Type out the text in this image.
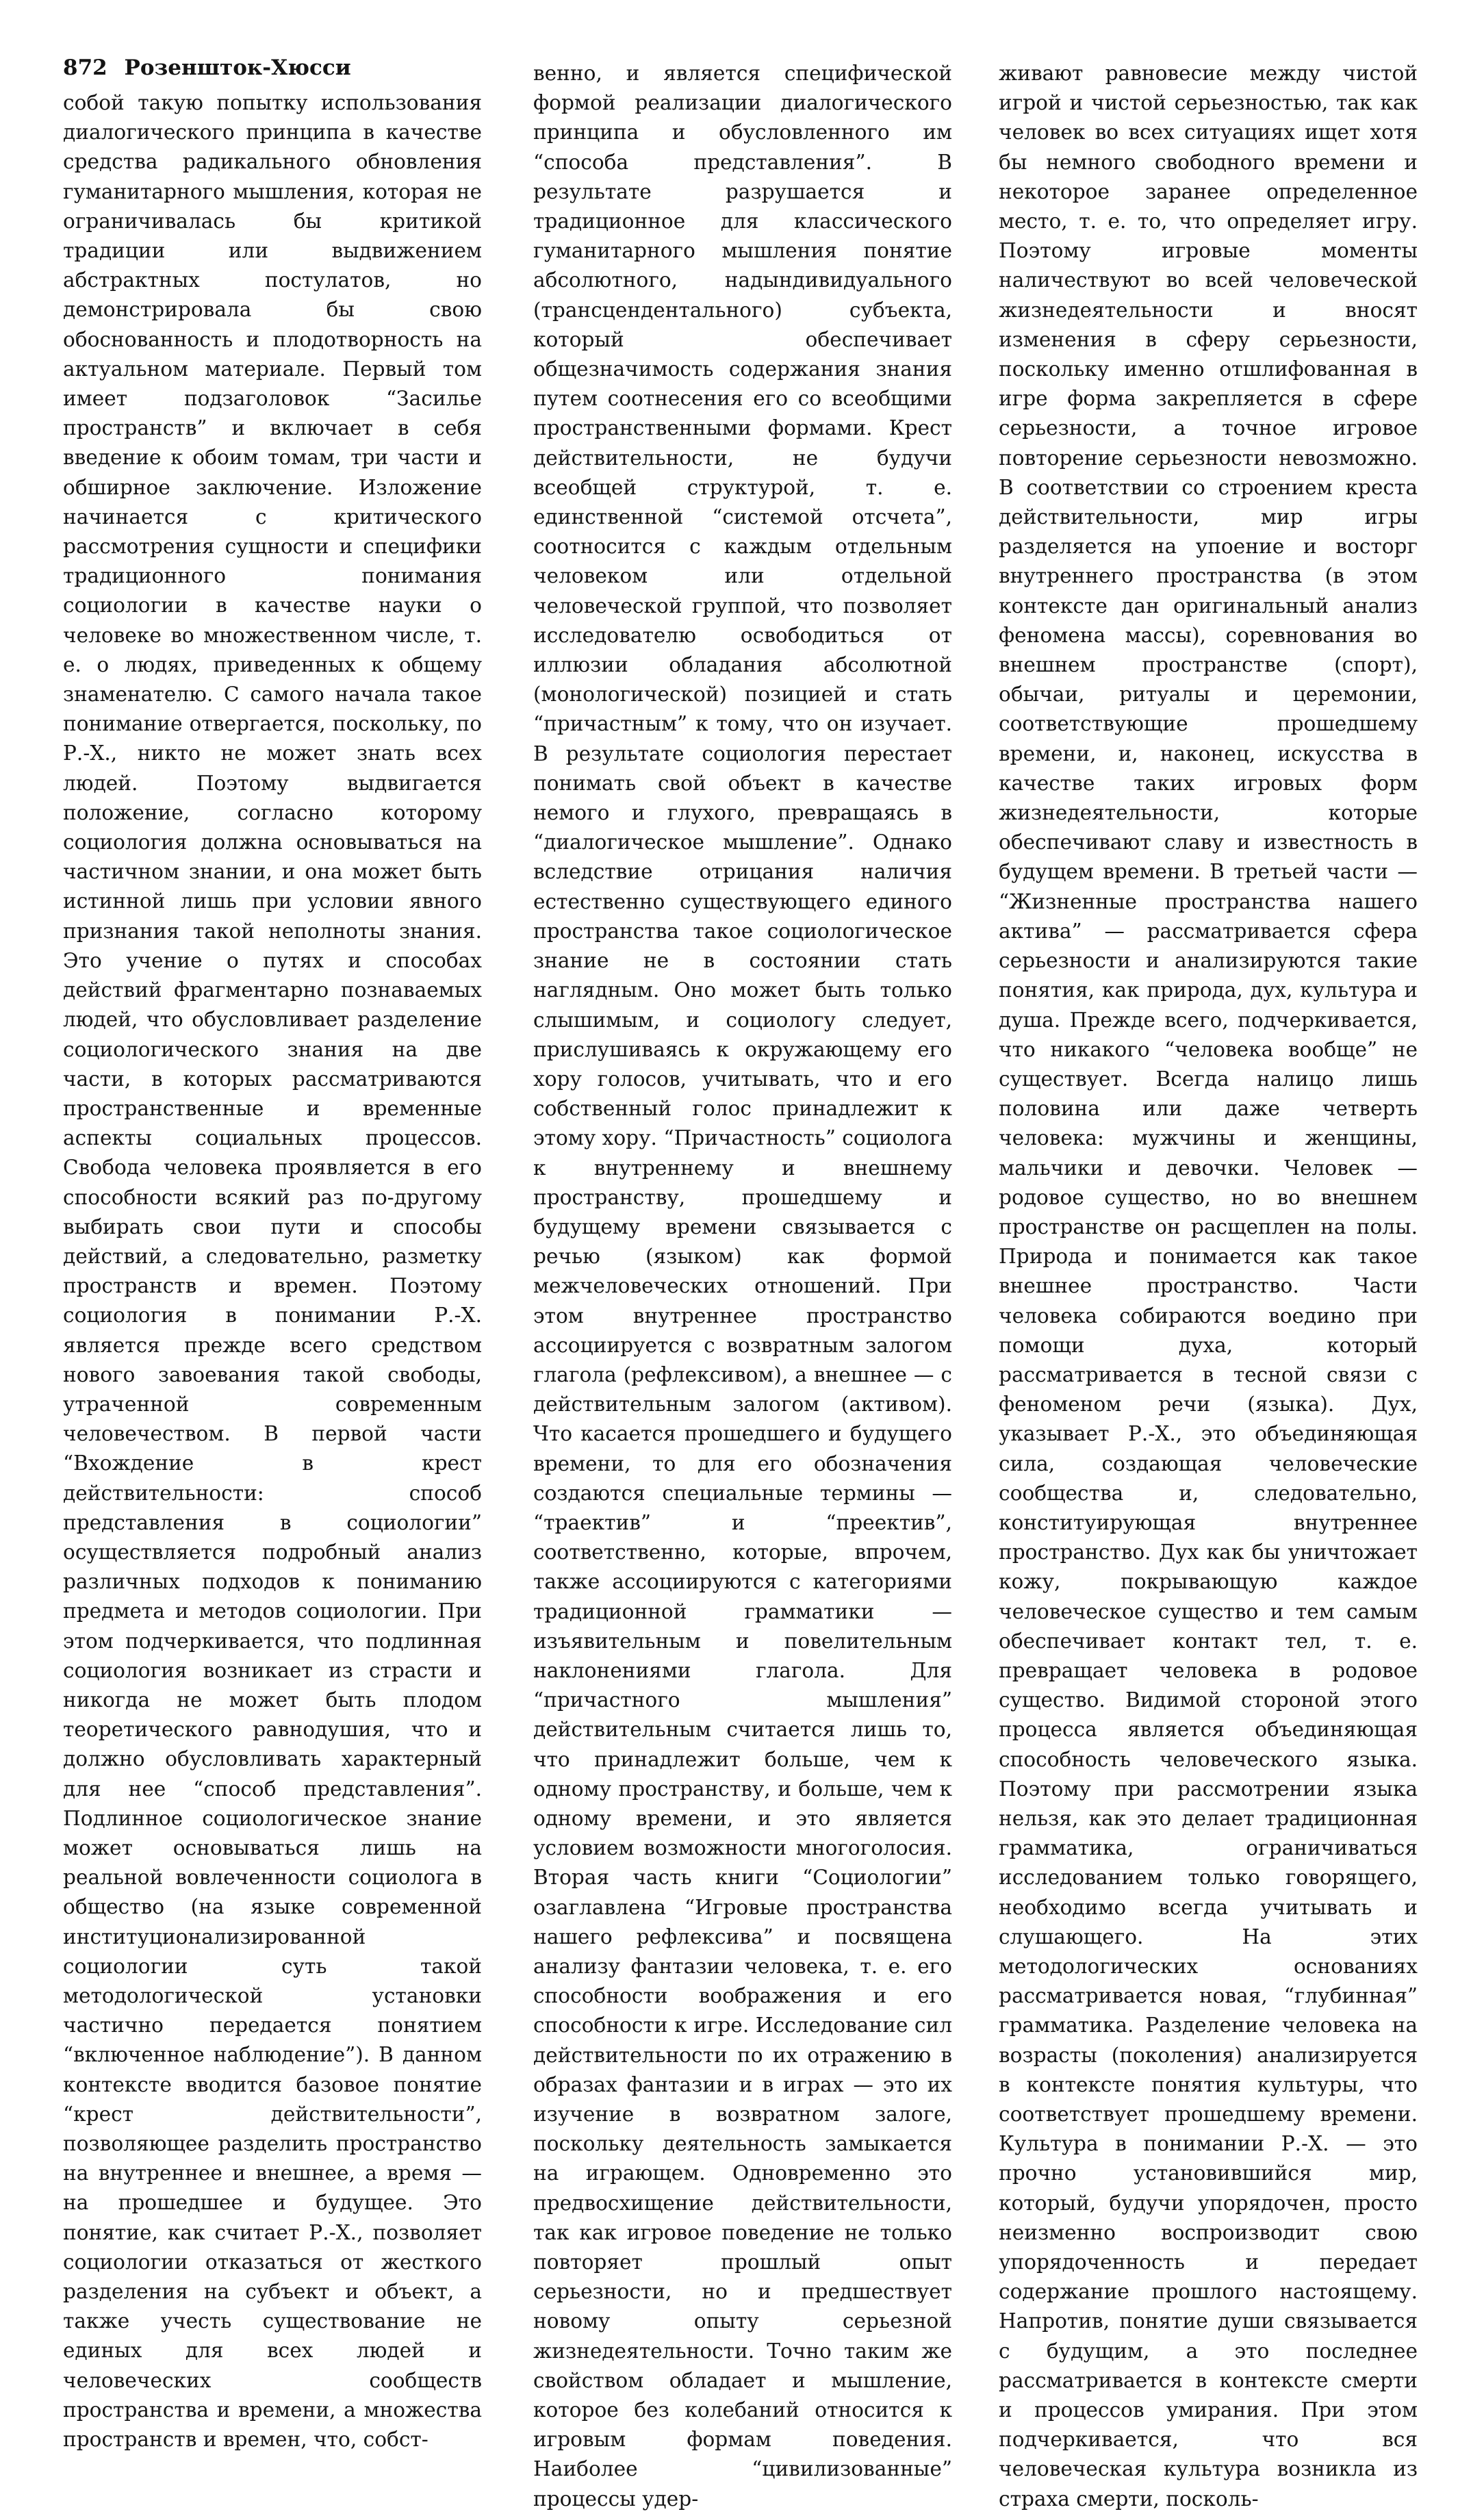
872 Розеншток-Хюсси

собой такую попытку использования диалогического принципа в качестве средства радикального обновления гуманитарного мышления, которая не ограничивалась бы критикой традиции или выдвижением абстрактных постулатов, но демонстрировала бы свою обоснованность и плодотворность на актуальном материале. Первый том имеет подзаголовок “Засилье пространств” и включает в себя введение к обоим томам, три части и обширное заключение. Изложение начинается с критического рассмотрения сущности и специфики традиционного понимания социологии в качестве науки о человеке во множественном числе, т. е. о людях, приведенных к общему знаменателю. С самого начала такое понимание отвергается, поскольку, по Р.-Х., никто не может знать всех людей. Поэтому выдвигается положение, согласно которому социология должна основываться на частичном знании, и она может быть истинной лишь при условии явного признания такой неполноты знания. Это учение о путях и способах действий фрагментарно познаваемых людей, что обусловливает разделение социологического знания на две части, в которых рассматриваются пространственные и временные аспекты социальных процессов. Свобода человека проявляется в его способности всякий раз по-другому выбирать свои пути и способы действий, а следовательно, разметку пространств и времен. Поэтому социология в понимании Р.-Х. является прежде всего средством нового завоевания такой свободы, утраченной современным человечеством. В первой части “Вхождение в крест действительности: способ представления в социологии” осуществляется подробный анализ различных подходов к пониманию предмета и методов социологии. При этом подчеркивается, что подлинная социология возникает из страсти и никогда не может быть плодом теоретического равнодушия, что и должно обусловливать характерный для нее “способ представления”. Подлинное социологическое знание может основываться лишь на реальной вовлеченности социолога в общество (на языке современной институционализированной социологии суть такой методологической установки частично передается понятием “включенное наблюдение”). В данном контексте вводится базовое понятие “крест действительности”, позволяющее разделить пространство на внутреннее и внешнее, а время — на прошедшее и будущее. Это понятие, как считает Р.-Х., позволяет социологии отказаться от жесткого разделения на субъект и объект, а также учесть существование не единых для всех людей и человеческих сообществ пространства и времени, а множества пространств и времен, что, собст-

венно, и является специфической формой реализации диалогического принципа и обусловленного им “способа представления”. В результате разрушается и традиционное для классического гуманитарного мышления понятие абсолютного, надындивидуального (трансцендентального) субъекта, который обеспечивает общезначимость содержания знания путем соотнесения его со всеобщими пространственными формами. Крест действительности, не будучи всеобщей структурой, т. е. единственной “системой отсчета”, соотносится с каждым отдельным человеком или отдельной человеческой группой, что позволяет исследователю освободиться от иллюзии обладания абсолютной (монологической) позицией и стать “причастным” к тому, что он изучает. В результате социология перестает понимать свой объект в качестве немого и глухого, превращаясь в “диалогическое мышление”. Однако вследствие отрицания наличия естественно существующего единого пространства такое социологическое знание не в состоянии стать наглядным. Оно может быть только слышимым, и социологу следует, прислушиваясь к окружающему его хору голосов, учитывать, что и его собственный голос принадлежит к этому хору. “Причастность” социолога к внутреннему и внешнему пространству, прошедшему и будущему времени связывается с речью (языком) как формой межчеловеческих отношений. При этом внутреннее пространство ассоциируется с возвратным залогом глагола (рефлексивом), а внешнее — с действительным залогом (активом). Что касается прошедшего и будущего времени, то для его обозначения создаются специальные термины — “траектив” и “преектив”, соответственно, которые, впрочем, также ассоциируются с категориями традиционной грамматики — изъявительным и повелительным наклонениями глагола. Для “причастного мышления” действительным считается лишь то, что принадлежит больше, чем к одному пространству, и больше, чем к одному времени, и это является условием возможности многоголосия. Вторая часть книги “Социологии” озаглавлена “Игровые пространства нашего рефлексива” и посвящена анализу фантазии человека, т. е. его способности воображения и его способности к игре. Исследование сил действительности по их отражению в образах фантазии и в играх — это их изучение в возвратном залоге, поскольку деятельность замыкается на играющем. Одновременно это предвосхищение действительности, так как игровое поведение не только повторяет прошлый опыт серьезности, но и предшествует новому опыту серьезной жизнедеятельности. Точно таким же свойством обладает и мышление, которое без колебаний относится к игровым формам поведения. Наиболее “цивилизованные” процессы удер-

живают равновесие между чистой игрой и чистой серьезностью, так как человек во всех ситуациях ищет хотя бы немного свободного времени и некоторое заранее определенное место, т. е. то, что определяет игру. Поэтому игровые моменты наличествуют во всей человеческой жизнедеятельности и вносят изменения в сферу серьезности, поскольку именно отшлифованная в игре форма закрепляется в сфере серьезности, а точное игровое повторение серьезности невозможно. В соответствии со строением креста действительности, мир игры разделяется на упоение и восторг внутреннего пространства (в этом контексте дан оригинальный анализ феномена массы), соревнования во внешнем пространстве (спорт), обычаи, ритуалы и церемонии, соответствующие прошедшему времени, и, наконец, искусства в качестве таких игровых форм жизнедеятельности, которые обеспечивают славу и известность в будущем времени. В третьей части — “Жизненные пространства нашего актива” — рассматривается сфера серьезности и анализируются такие понятия, как природа, дух, культура и душа. Прежде всего, подчеркивается, что никакого “человека вообще” не существует. Всегда налицо лишь половина или даже четверть человека: мужчины и женщины, мальчики и девочки. Человек — родовое существо, но во внешнем пространстве он расщеплен на полы. Природа и понимается как такое внешнее пространство. Части человека собираются воедино при помощи духа, который рассматривается в тесной связи с феноменом речи (языка). Дух, указывает Р.-Х., это объединяющая сила, создающая человеческие сообщества и, следовательно, конституирующая внутреннее пространство. Дух как бы уничтожает кожу, покрывающую каждое человеческое существо и тем самым обеспечивает контакт тел, т. е. превращает человека в родовое существо. Видимой стороной этого процесса является объединяющая способность человеческого языка. Поэтому при рассмотрении языка нельзя, как это делает традиционная грамматика, ограничиваться исследованием только говорящего, необходимо всегда учитывать и слушающего. На этих методологических основаниях рассматривается новая, “глубинная” грамматика. Разделение человека на возрасты (поколения) анализируется в контексте понятия культуры, что соответствует прошедшему времени. Культура в понимании Р.-Х. — это прочно установившийся мир, который, будучи упорядочен, просто неизменно воспроизводит свою упорядоченность и передает содержание прошлого настоящему. Напротив, понятие души связывается с будущим, а это последнее рассматривается в контексте смерти и процессов умирания. При этом подчеркивается, что вся человеческая культура возникла из страха смерти, посколь-
